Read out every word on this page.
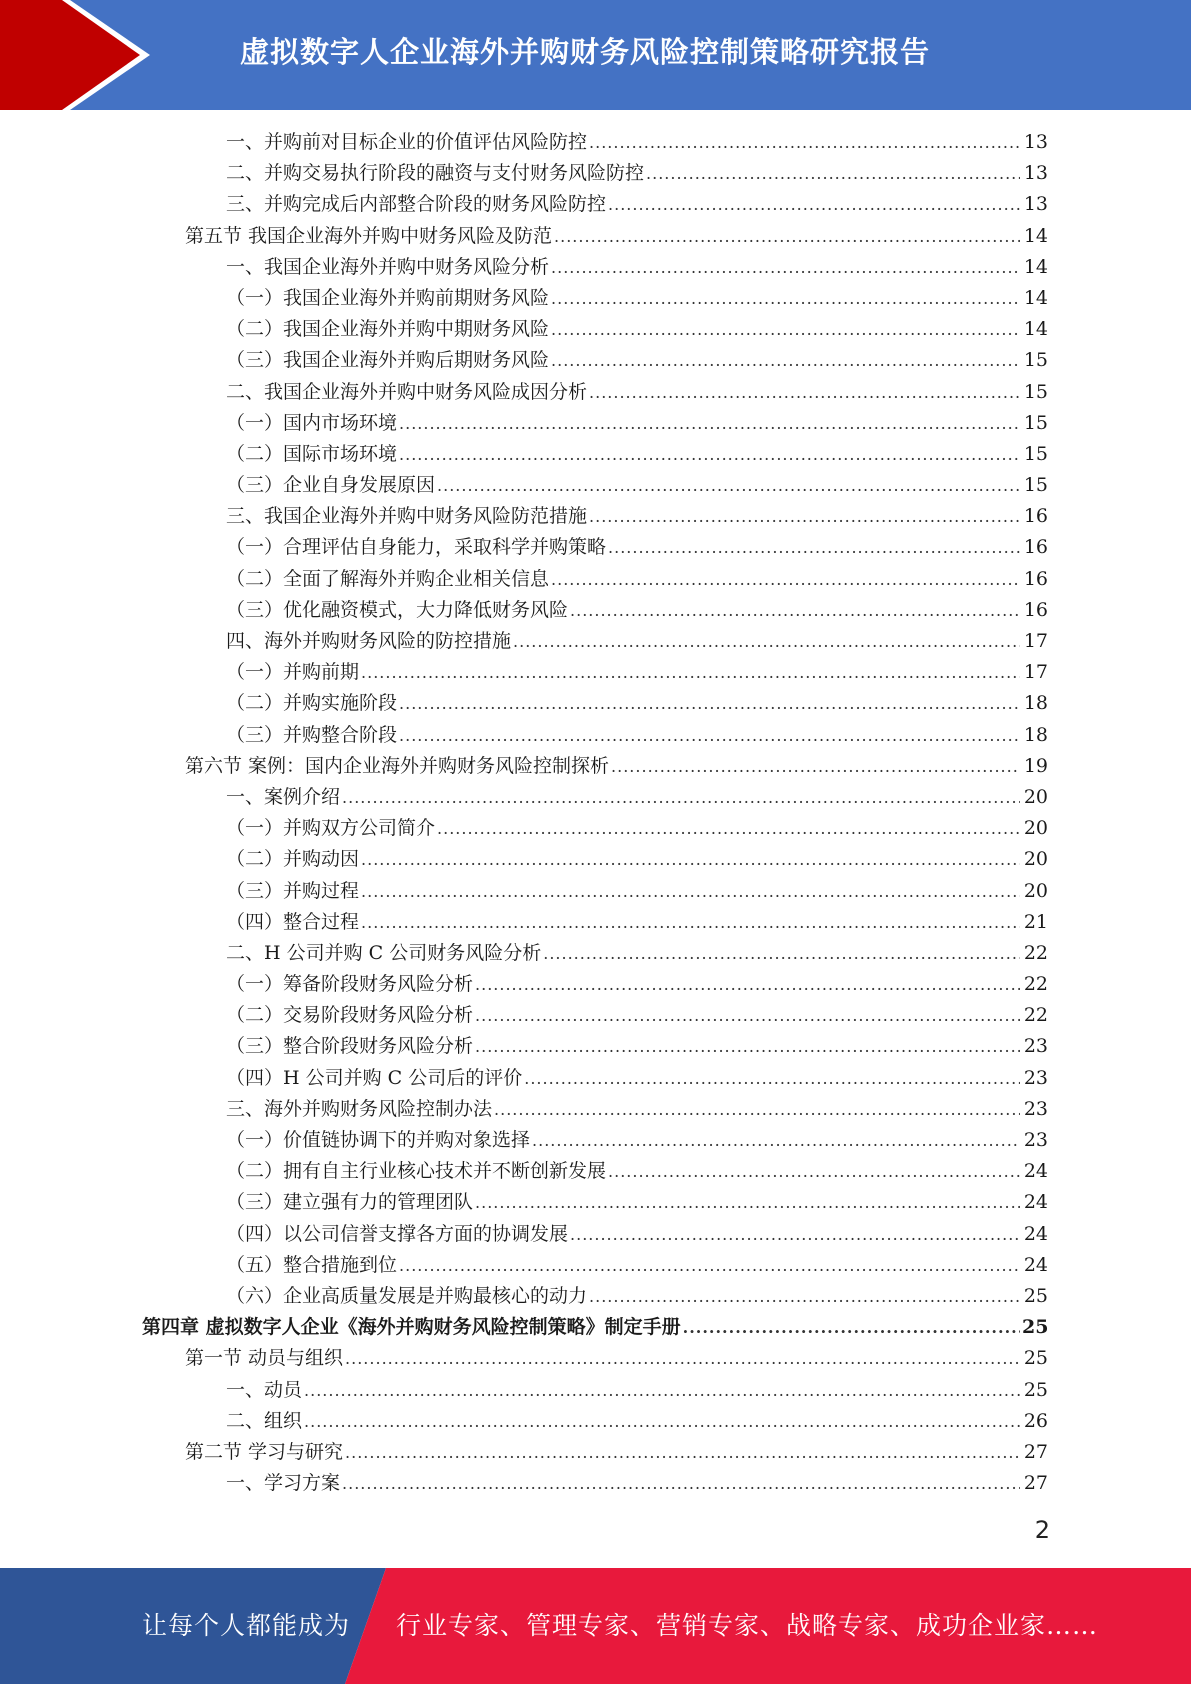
虚拟数字人企业海外并购财务风险控制策略研究报告
一、并购前对目标企业的价值评估风险防控 .....	13
二、并购交易执行阶段的融资与支付财务风险防控 .....	13
三、并购完成后内部整合阶段的财务风险防控 .....	13
第五节 我国企业海外并购中财务风险及防范 .....	14
一、我国企业海外并购中财务风险分析 .....	14
（一）我国企业海外并购前期财务风险 .....	14
（二）我国企业海外并购中期财务风险 .....	14
（三）我国企业海外并购后期财务风险 .....	15
二、我国企业海外并购中财务风险成因分析 .....	15
（一）国内市场环境 .....	15
（二）国际市场环境 .....	15
（三）企业自身发展原因 .....	15
三、我国企业海外并购中财务风险防范措施 .....	16
（一）合理评估自身能力，采取科学并购策略 .....	16
（二）全面了解海外并购企业相关信息 .....	16
（三）优化融资模式，大力降低财务风险 .....	16
四、海外并购财务风险的防控措施 .....	17
（一）并购前期 .....	17
（二）并购实施阶段 .....	18
（三）并购整合阶段 .....	18
第六节 案例：国内企业海外并购财务风险控制探析 .....	19
一、案例介绍 .....	20
（一）并购双方公司简介 .....	20
（二）并购动因 .....	20
（三）并购过程 .....	20
（四）整合过程 .....	21
二、H 公司并购 C 公司财务风险分析 .....	22
（一）筹备阶段财务风险分析 .....	22
（二）交易阶段财务风险分析 .....	22
（三）整合阶段财务风险分析 .....	23
（四）H 公司并购 C 公司后的评价 .....	23
三、海外并购财务风险控制办法 .....	23
（一）价值链协调下的并购对象选择 .....	23
（二）拥有自主行业核心技术并不断创新发展 .....	24
（三）建立强有力的管理团队 .....	24
（四）以公司信誉支撑各方面的协调发展 .....	24
（五）整合措施到位 .....	24
（六）企业高质量发展是并购最核心的动力 .....	25
第四章 虚拟数字人企业《海外并购财务风险控制策略》制定手册 .....	25
第一节 动员与组织 .....	25
一、动员 .....	25
二、组织 .....	26
第二节 学习与研究 .....	27
一、学习方案 .....	27
2
让每个人都能成为 行业专家、管理专家、营销专家、战略专家、成功企业家……
